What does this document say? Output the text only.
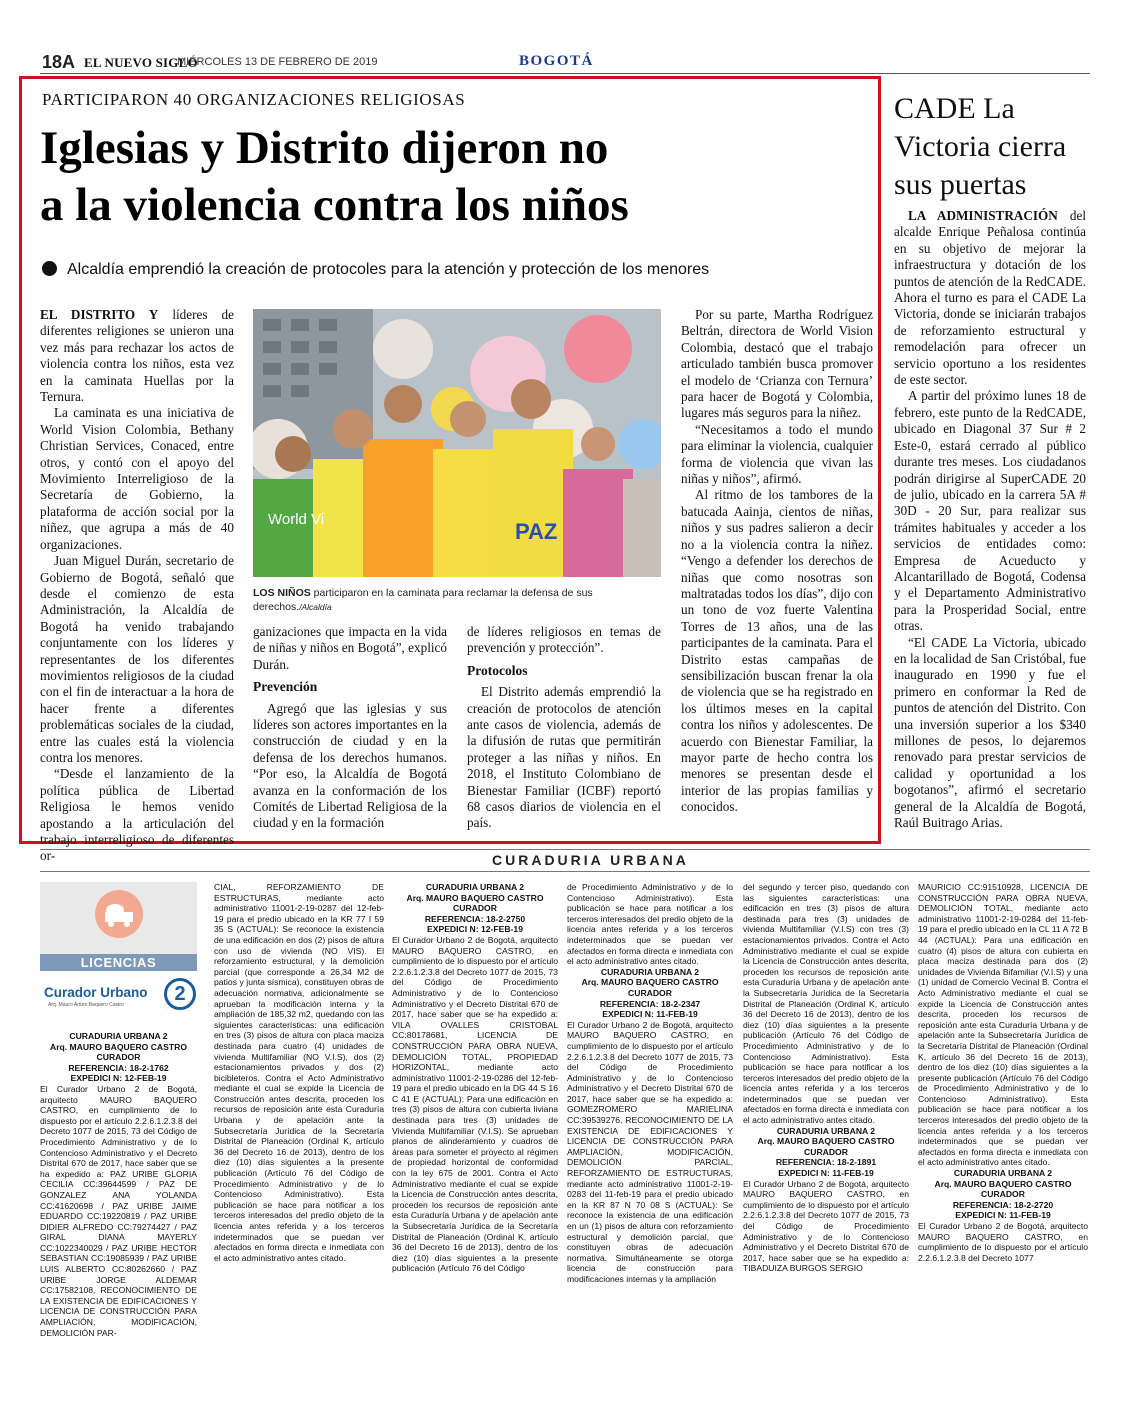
18A EL NUEVO SIGLO
MIÉRCOLES 13 DE FEBRERO DE 2019	BOGOTÁ
PARTICIPARON 40 ORGANIZACIONES RELIGIOSAS
Iglesias y Distrito dijeron no
a la violencia contra los niños
Alcaldía emprendió la creación de protocoles para la atención y protección de los menores

EL DISTRITO Y líderes de diferentes religiones se unieron una vez más para rechazar los actos de violencia contra los niños, esta vez en la caminata Huellas por la Ternura.

La caminata es una iniciativa de World Vision Colombia, Bethany Christian Services, Conaced, entre otros, y contó con el apoyo del Movimiento Interreligioso de la Secretaría de Gobierno, la plataforma de acción social por la niñez, que agrupa a más de 40 organizaciones.

Juan Miguel Durán, secretario de Gobierno de Bogotá, señaló que desde el comienzo de esta Administración, la Alcaldía de Bogotá ha venido trabajando conjuntamente con los líderes y representantes de los diferentes movimientos religiosos de la ciudad con el fin de interactuar a la hora de hacer frente a diferentes problemáticas sociales de la ciudad, entre las cuales está la violencia contra los menores.

“Desde el lanzamiento de la política pública de Libertad Religiosa le hemos venido apostando a la articulación del trabajo interreligioso de diferentes or-

World Vi	PAZ
LOS NIÑOS participaron en la caminata para reclamar la defensa de sus derechos./Alcaldía

ganizaciones que impacta en la vida de niñas y niños en Bogotá”, explicó Durán.

Prevención

Agregó que las iglesias y sus líderes son actores importantes en la construcción de ciudad y en la defensa de los derechos humanos. “Por eso, la Alcaldía de Bogotá avanza en la conformación de los Comités de Libertad Religiosa de la ciudad y en la formación

de líderes religiosos en temas de prevención y protección”.

Protocolos

El Distrito además emprendió la creación de protocolos de atención ante casos de violencia, además de la difusión de rutas que permitirán proteger a las niñas y niños. En 2018, el Instituto Colombiano de Bienestar Familiar (ICBF) reportó 68 casos diarios de violencia en el país.

Por su parte, Martha Rodríguez Beltrán, directora de World Vision Colombia, destacó que el trabajo articulado también busca promover el modelo de ‘Crianza con Ternura’ para hacer de Bogotá y Colombia, lugares más seguros para la niñez.

“Necesitamos a todo el mundo para eliminar la violencia, cualquier forma de violencia que vivan las niñas y niños”, afirmó.

Al ritmo de los tambores de la batucada Aainja, cientos de niñas, niños y sus padres salieron a decir no a la violencia contra la niñez. “Vengo a defender los derechos de niñas que como nosotras son maltratadas todos los días”, dijo con un tono de voz fuerte Valentina Torres de 13 años, una de las participantes de la caminata. Para el Distrito estas campañas de sensibilización buscan frenar la ola de violencia que se ha registrado en los últimos meses en la capital contra los niños y adolescentes. De acuerdo con Bienestar Familiar, la mayor parte de hecho contra los menores se presentan desde el interior de las propias familias y conocidos.

CADE La Victoria cierra sus puertas

LA ADMINISTRACIÓN del alcalde Enrique Peñalosa continúa en su objetivo de mejorar la infraestructura y dotación de los puntos de atención de la RedCADE. Ahora el turno es para el CADE La Victoria, donde se iniciarán trabajos de reforzamiento estructural y remodelación para ofrecer un servicio oportuno a los residentes de este sector.

A partir del próximo lunes 18 de febrero, este punto de la RedCADE, ubicado en Diagonal 37 Sur # 2 Este-0, estará cerrado al público durante tres meses. Los ciudadanos podrán dirigirse al SuperCADE 20 de julio, ubicado en la carrera 5A # 30D - 20 Sur, para realizar sus trámites habituales y acceder a los servicios de entidades como: Empresa de Acueducto y Alcantarillado de Bogotá, Codensa y el Departamento Administrativo para la Prosperidad Social, entre otras.

“El CADE La Victoria, ubicado en la localidad de San Cristóbal, fue inaugurado en 1990 y fue el primero en conformar la Red de puntos de atención del Distrito. Con una inversión superior a los $340 millones de pesos, lo dejaremos renovado para prestar servicios de calidad y oportunidad a los bogotanos”, afirmó el secretario general de la Alcaldía de Bogotá, Raúl Buitrago Arias.

CURADURIA URBANA
LICENCIAS
Curador Urbano
Arq. Mauro Arturo Baquero Castro	2
CURADURIA URBANA 2
Arq. MAURO BAQUERO CASTRO
CURADOR
REFERENCIA: 18-2-1762
EXPEDICI N: 12-FEB-19
El Curador Urbano 2 de Bogotá, arquitecto MAURO BAQUERO CASTRO, en cumplimiento de lo dispuesto por el artículo 2.2.6.1.2.3.8 del Decreto 1077 de 2015, 73 del Código de Procedimiento Administrativo y de lo Contencioso Administrativo y el Decreto Distrital 670 de 2017, hace saber que se ha expedido a: PAZ URIBE GLORIA CECILIA CC:39644599 / PAZ DE GONZALEZ ANA YOLANDA CC:41620698 / PAZ URIBE JAIME EDUARDO CC:19220819 / PAZ URIBE DIDIER ALFREDO CC:79274427 / PAZ GIRAL DIANA MAYERLY CC:1022340029 / PAZ URIBE HECTOR SEBASTIAN CC:19085939 / PAZ URIBE LUIS ALBERTO CC:80262660 / PAZ URIBE JORGE ALDEMAR CC:17582108, RECONOCIMIENTO DE LA EXISTENCIA DE EDIFICACIONES Y LICENCIA DE CONSTRUCCIÓN PARA AMPLIACIÓN, MODIFICACIÓN, DEMOLICIÓN PAR-
CIAL, REFORZAMIENTO DE ESTRUCTURAS, mediante acto administrativo 11001-2-19-0287 del 12-feb-19 para el predio ubicado en la KR 77 I 59 35 S (ACTUAL): Se reconoce la existencia de una edificación en dos (2) pisos de altura con uso de vivienda (NO VIS). El reforzamiento estructural, y la demolición parcial (que corresponde a 26,34 M2 de patios y junta sísmica), constituyen obras de adecuación normativa, adicionalmente se aprueban la modificación interna y la ampliación de 185,32 m2, quedando con las siguientes características: una edificación en tres (3) pisos de altura con placa maciza destinada para cuatro (4) unidades de vivienda Multifamiliar (NO V.I.S), dos (2) estacionamientos privados y dos (2) bicibleteros. Contra el Acto Administrativo mediante el cual se expide la Licencia de Construcción antes descrita, proceden los recursos de reposición ante esta Curaduría Urbana y de apelación ante la Subsecretaría Jurídica de la Secretaría Distrital de Planeación (Ordinal K, artículo 36 del Decreto 16 de 2013), dentro de los diez (10) días siguientes a la presente publicación (Artículo 76 del Código de Procedimiento Administrativo y de lo Contencioso Administrativo). Esta publicación se hace para notificar a los terceros interesados del predio objeto de la licencia antes referida y a los terceros indeterminados que se puedan ver afectados en forma directa e inmediata con el acto administrativo antes citado.
CURADURIA URBANA 2
Arq. MAURO BAQUERO CASTRO
CURADOR
REFERENCIA: 18-2-2750
EXPEDICI N: 12-FEB-19
El Curador Urbano 2 de Bogotá, arquitecto MAURO BAQUERO CASTRO, en cumplimiento de lo dispuesto por el artículo 2.2.6.1.2.3.8 del Decreto 1077 de 2015, 73 del Código de Procedimiento Administrativo y de lo Contencioso Administrativo y el Decreto Distrital 670 de 2017, hace saber que se ha expedido a: VILA OVALLES CRISTOBAL CC:80178681, LICENCIA DE CONSTRUCCIÓN PARA OBRA NUEVA, DEMOLICIÓN TOTAL, PROPIEDAD HORIZONTAL, mediante acto administrativo 11001-2-19-0286 del 12-feb-19 para el predio ubicado en la DG 44 S 16 C 41 E (ACTUAL): Para una edificación en tres (3) pisos de altura con cubierta liviana destinada para tres (3) unidades de Vivienda Multifamiliar (V.I.S). Se aprueban planos de alinderamiento y cuadros de áreas para someter el proyecto al régimen de propiedad horizontal de conformidad con la ley 675 de 2001. Contra el Acto Administrativo mediante el cual se expide la Licencia de Construcción antes descrita, proceden los recursos de reposición ante esta Curaduría Urbana y de apelación ante la Subsecretaría Jurídica de la Secretaría Distrital de Planeación (Ordinal K, artículo 36 del Decreto 16 de 2013), dentro de los diez (10) días siguientes a la presente publicación (Artículo 76 del Código
de Procedimiento Administrativo y de lo Contencioso Administrativo). Esta publicación se hace para notificar a los terceros interesados del predio objeto de la licencia antes referida y a los terceros indeterminados que se puedan ver afectados en forma directa e inmediata con el acto administrativo antes citado.
CURADURIA URBANA 2
Arq. MAURO BAQUERO CASTRO
CURADOR
REFERENCIA: 18-2-2347
EXPEDICI N: 11-FEB-19
El Curador Urbano 2 de Bogotá, arquitecto MAURO BAQUERO CASTRO, en cumplimiento de lo dispuesto por el artículo 2.2.6.1.2.3.8 del Decreto 1077 de 2015, 73 del Código de Procedimiento Administrativo y de lo Contencioso Administrativo y el Decreto Distrital 670 de 2017, hace saber que se ha expedido a: GOMEZROMERO MARIELINA CC:39539276, RECONOCIMIENTO DE LA EXISTENCIA DE EDIFICACIONES Y LICENCIA DE CONSTRUCCIÓN PARA AMPLIACIÓN, MODIFICACIÓN, DEMOLICIÓN PARCIAL, REFORZAMIENTO DE ESTRUCTURAS, mediante acto administrativo 11001-2-19-0283 del 11-feb-19 para el predio ubicado en la KR 87 N 70 08 S (ACTUAL): Se reconoce la existencia de una edificación en un (1) pisos de altura con reforzamiento estructural y demolición parcial, que constituyen obras de adecuación normativa. Simultáneamente se otorga licencia de construcción para modificaciones internas y la ampliación
del segundo y tercer piso, quedando con las siguientes características: una edificación en tres (3) pisos de altura destinada para tres (3) unidades de vivienda Multifamiliar (V.I.S) con tres (3) estacionamientos privados. Contra el Acto Administrativo mediante el cual se expide la Licencia de Construcción antes descrita, proceden los recursos de reposición ante esta Curaduría Urbana y de apelación ante la Subsecretaría Jurídica de la Secretaría Distrital de Planeación (Ordinal K, artículo 36 del Decreto 16 de 2013), dentro de los diez (10) días siguientes a la presente publicación (Artículo 76 del Código de Procedimiento Administrativo y de lo Contencioso Administrativo). Esta publicación se hace para notificar a los terceros interesados del predio objeto de la licencia antes referida y a los terceros indeterminados que se puedan ver afectados en forma directa e inmediata con el acto administrativo antes citado.
CURADURIA URBANA 2
Arq. MAURO BAQUERO CASTRO
CURADOR
REFERENCIA: 18-2-1891
EXPEDICI N: 11-FEB-19
El Curador Urbano 2 de Bogotá, arquitecto MAURO BAQUERO CASTRO, en cumplimiento de lo dispuesto por el artículo 2.2.6.1.2.3.8 del Decreto 1077 de 2015, 73 del Código de Procedimiento Administrativo y de lo Contencioso Administrativo y el Decreto Distrital 670 de 2017, hace saber que se ha expedido a: TIBADUIZA BURGOS SERGIO
MAURICIO CC:91510928, LICENCIA DE CONSTRUCCIÓN PARA OBRA NUEVA, DEMOLICIÓN TOTAL, mediante acto administrativo 11001-2-19-0284 del 11-feb-19 para el predio ubicado en la CL 11 A 72 B 44 (ACTUAL): Para una edificación en cuatro (4) pisos de altura con cubierta en placa maciza destinada para dos (2) unidades de Vivienda Bifamiliar (V.I.S) y una (1) unidad de Comercio Vecinal B. Contra el Acto Administrativo mediante el cual se expide la Licencia de Construcción antes descrita, proceden los recursos de reposición ante esta Curaduría Urbana y de apelación ante la Subsecretaría Jurídica de la Secretaría Distrital de Planeación (Ordinal K, artículo 36 del Decreto 16 de 2013), dentro de los diez (10) días siguientes a la presente publicación (Artículo 76 del Código de Procedimiento Administrativo y de lo Contencioso Administrativo). Esta publicación se hace para notificar a los terceros interesados del predio objeto de la licencia antes referida y a los terceros indeterminados que se puedan ver afectados en forma directa e inmediata con el acto administrativo antes citado.
CURADURIA URBANA 2
Arq. MAURO BAQUERO CASTRO
CURADOR
REFERENCIA: 18-2-2720
EXPEDICI N: 11-FEB-19
El Curador Urbano 2 de Bogotá, arquitecto MAURO BAQUERO CASTRO, en cumplimiento de lo dispuesto por el artículo 2.2.6.1.2.3.8 del Decreto 1077
